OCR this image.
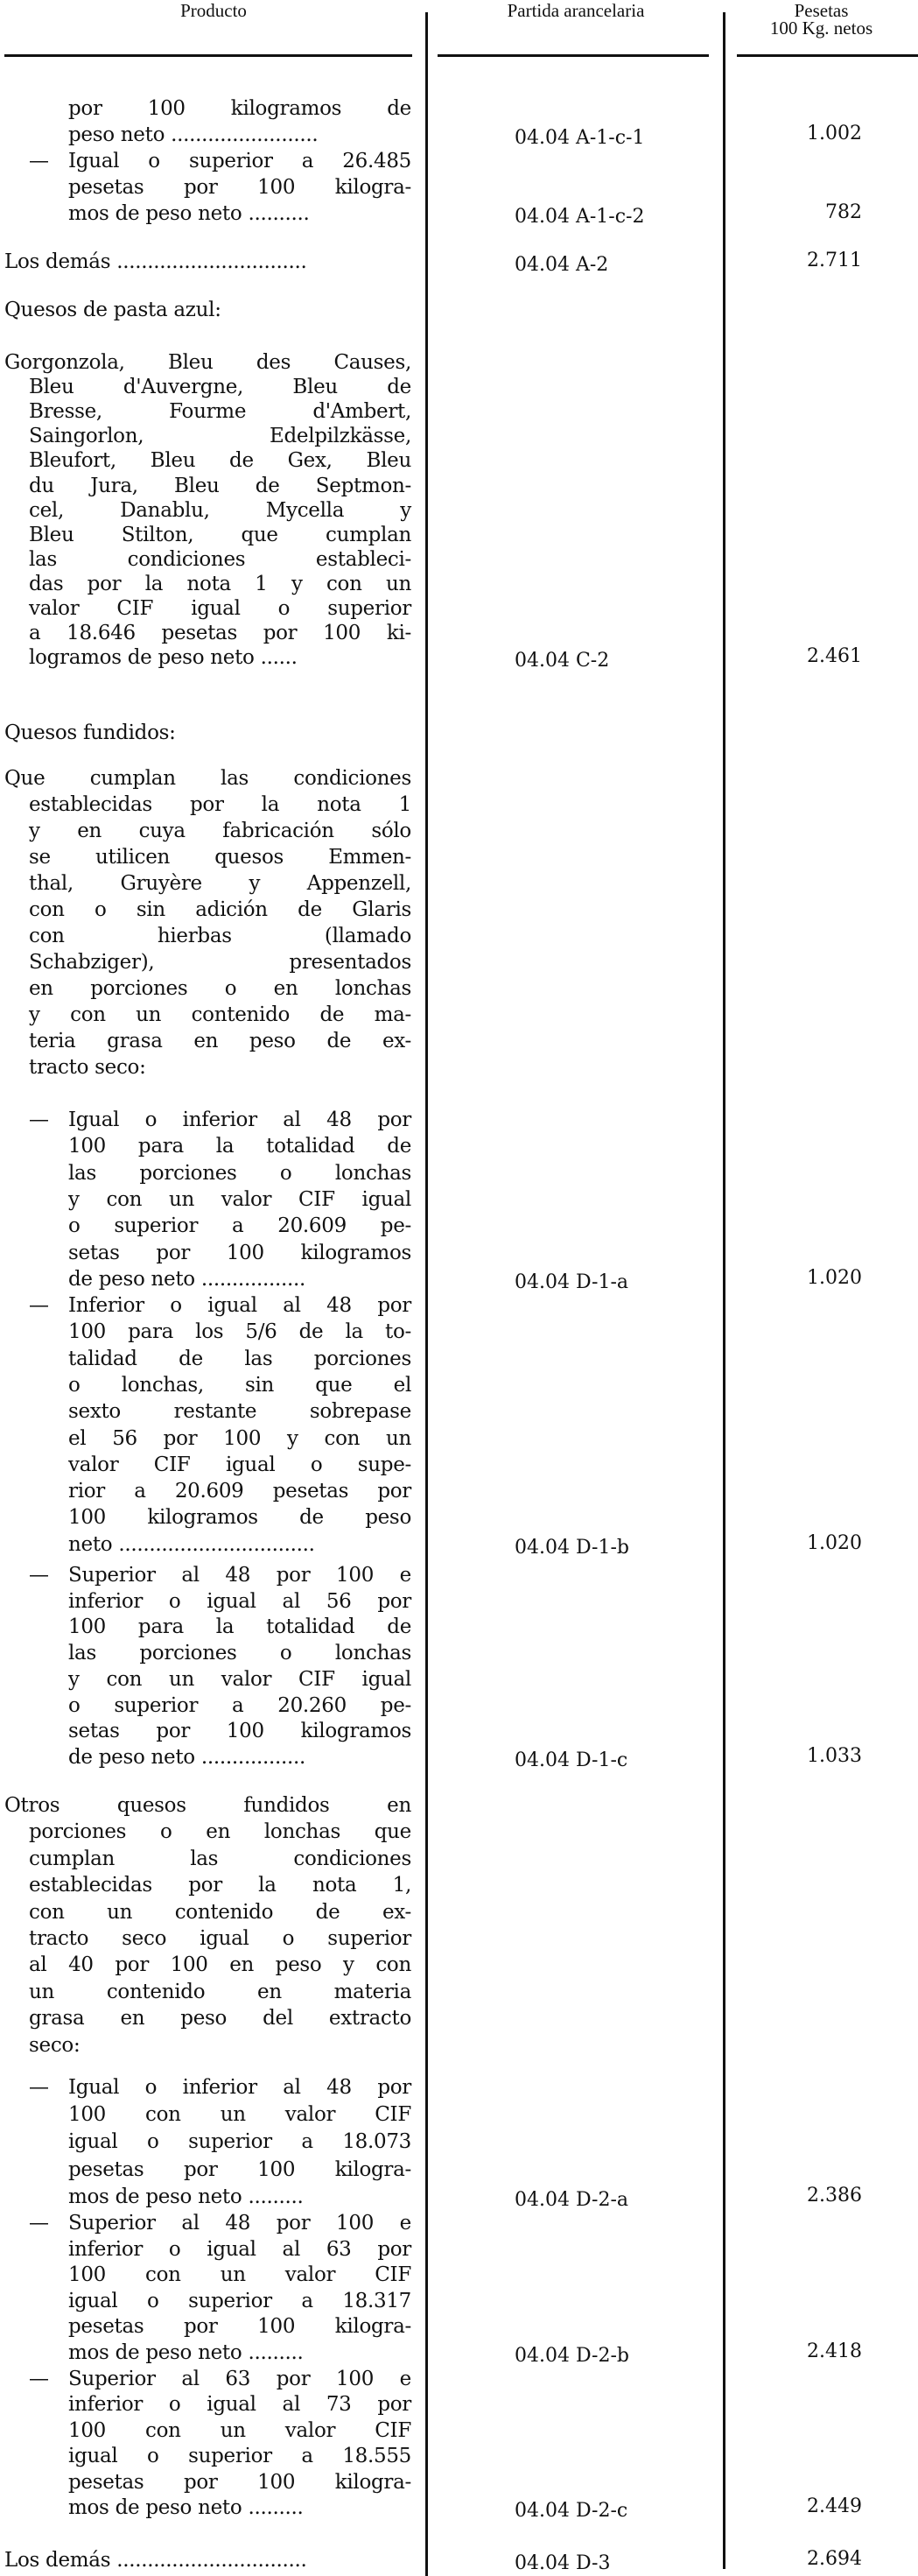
Producto	Partida arancelaria	Pesetas
100 Kg. netos
por 100 kilogramos de
peso neto ........................	04.04 A-1-c-1	1.002
— Igual o superior a 26.485
pesetas por 100 kilogra-
mos de peso neto ..........	04.04 A-1-c-2	782
Los demás ...............................	04.04 A-2	2.711
Quesos de pasta azul:
Gorgonzola, Bleu des Causes,
Bleu d'Auvergne, Bleu de
Bresse, Fourme d'Ambert,
Saingorlon, Edelpilzkässe,
Bleufort, Bleu de Gex, Bleu
du Jura, Bleu de Septmon-
cel, Danablu, Mycella y
Bleu Stilton, que cumplan
las condiciones estableci-
das por la nota 1 y con un
valor CIF igual o superior
a 18.646 pesetas por 100 ki-
logramos de peso neto ......	04.04 C-2	2.461
Quesos fundidos:
Que cumplan las condiciones
establecidas por la nota 1
y en cuya fabricación sólo
se utilicen quesos Emmen-
thal, Gruyère y Appenzell,
con o sin adición de Glaris
con hierbas (llamado
Schabziger), presentados
en porciones o en lonchas
y con un contenido de ma-
teria grasa en peso de ex-
tracto seco:
— Igual o inferior al 48 por
100 para la totalidad de
las porciones o lonchas
y con un valor CIF igual
o superior a 20.609 pe-
setas por 100 kilogramos
de peso neto .................	04.04 D-1-a	1.020
— Inferior o igual al 48 por
100 para los 5/6 de la to-
talidad de las porciones
o lonchas, sin que el
sexto restante sobrepase
el 56 por 100 y con un
valor CIF igual o supe-
rior a 20.609 pesetas por
100 kilogramos de peso
neto ................................	04.04 D-1-b	1.020
— Superior al 48 por 100 e
inferior o igual al 56 por
100 para la totalidad de
las porciones o lonchas
y con un valor CIF igual
o superior a 20.260 pe-
setas por 100 kilogramos
de peso neto .................	04.04 D-1-c	1.033
Otros quesos fundidos en
porciones o en lonchas que
cumplan las condiciones
establecidas por la nota 1,
con un contenido de ex-
tracto seco igual o superior
al 40 por 100 en peso y con
un contenido en materia
grasa en peso del extracto
seco:
— Igual o inferior al 48 por
100 con un valor CIF
igual o superior a 18.073
pesetas por 100 kilogra-
mos de peso neto .........	04.04 D-2-a	2.386
— Superior al 48 por 100 e
inferior o igual al 63 por
100 con un valor CIF
igual o superior a 18.317
pesetas por 100 kilogra-
mos de peso neto .........	04.04 D-2-b	2.418
— Superior al 63 por 100 e
inferior o igual al 73 por
100 con un valor CIF
igual o superior a 18.555
pesetas por 100 kilogra-
mos de peso neto .........	04.04 D-2-c	2.449
Los demás ...............................	04.04 D-3	2.694
